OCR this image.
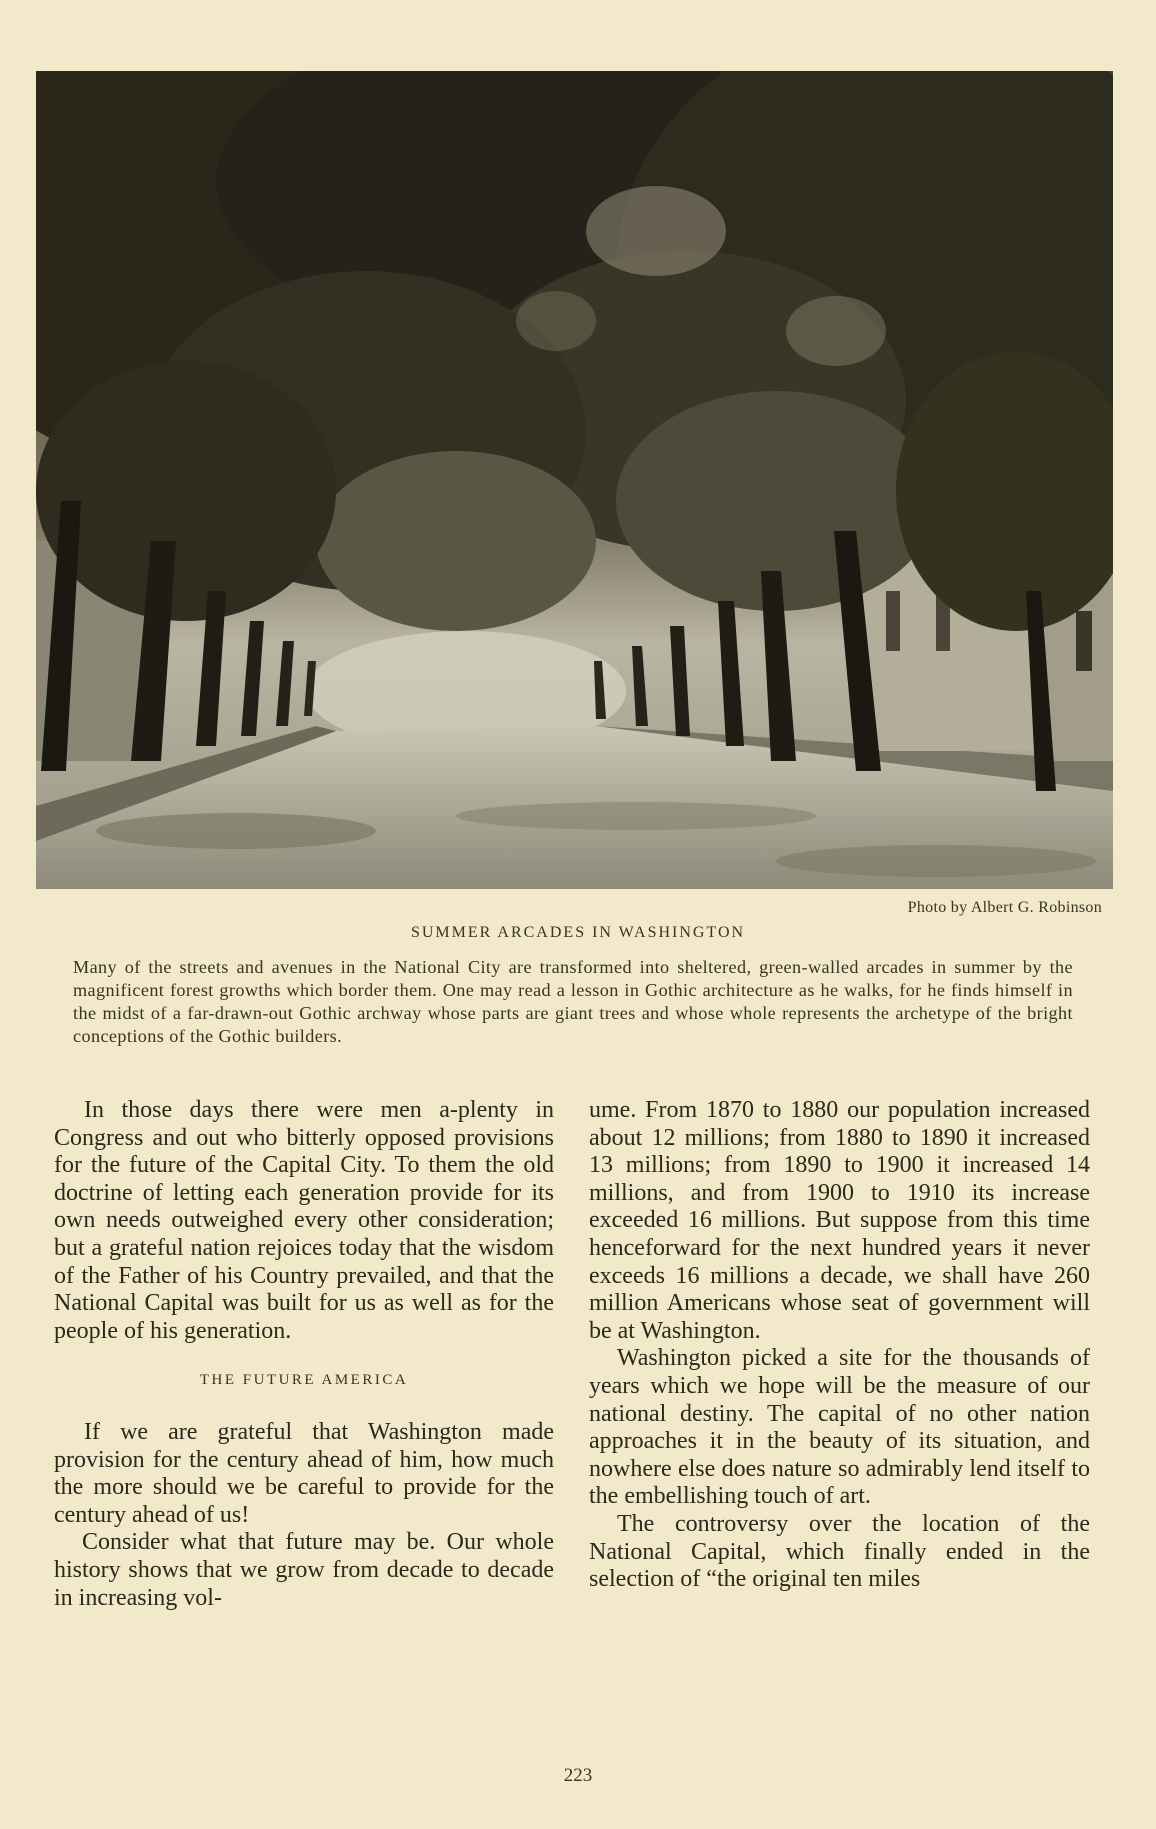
Photo by Albert G. Robinson
SUMMER ARCADES IN WASHINGTON
Many of the streets and avenues in the National City are transformed into sheltered, green-walled arcades in summer by the magnificent forest growths which border them. One may read a lesson in Gothic architecture as he walks, for he finds himself in the midst of a far-drawn-out Gothic archway whose parts are giant trees and whose whole represents the archetype of the bright conceptions of the Gothic builders.

In those days there were men a-plenty in Congress and out who bitterly opposed provisions for the future of the Capital City. To them the old doctrine of letting each generation provide for its own needs outweighed every other consideration; but a grateful nation rejoices today that the wisdom of the Father of his Country prevailed, and that the National Capital was built for us as well as for the people of his generation.

THE FUTURE AMERICA

If we are grateful that Washington made provision for the century ahead of him, how much the more should we be careful to provide for the century ahead of us!

Consider what that future may be. Our whole history shows that we grow from decade to decade in increasing vol-

ume. From 1870 to 1880 our population increased about 12 millions; from 1880 to 1890 it increased 13 millions; from 1890 to 1900 it increased 14 millions, and from 1900 to 1910 its increase exceeded 16 millions. But suppose from this time henceforward for the next hundred years it never exceeds 16 millions a decade, we shall have 260 million Americans whose seat of government will be at Washington.

Washington picked a site for the thousands of years which we hope will be the measure of our national destiny. The capital of no other nation approaches it in the beauty of its situation, and nowhere else does nature so admirably lend itself to the embellishing touch of art.

The controversy over the location of the National Capital, which finally ended in the selection of “the original ten miles

223
